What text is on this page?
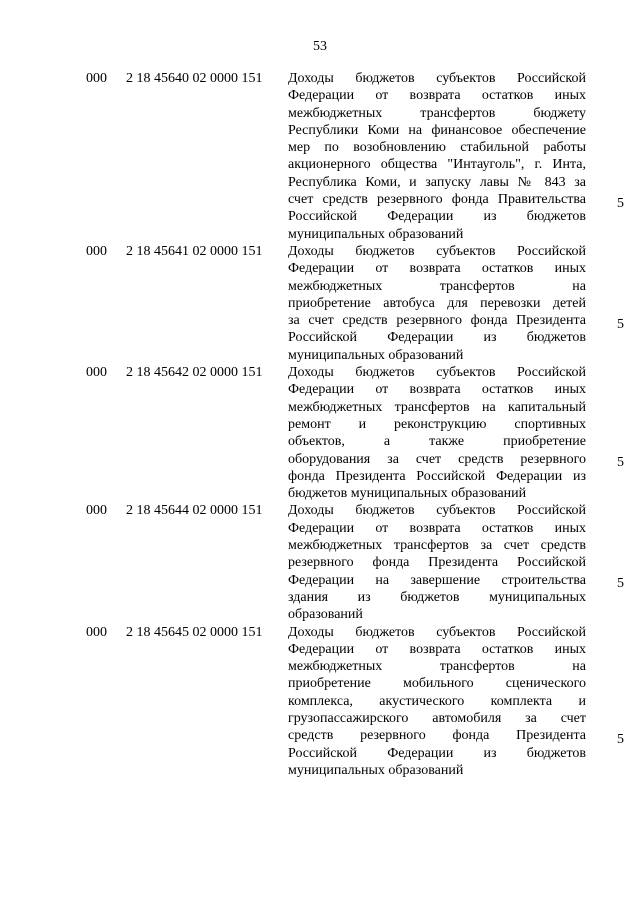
53
000	2 18 45640 02 0000 151	Доходы бюджетов субъектов Российской
Федерации от возврата остатков иных
межбюджетных трансфертов бюджету
Республики Коми на финансовое обеспечение
мер по возобновлению стабильной работы
акционерного общества "Интауголь", г. Инта,
Республика Коми, и запуску лавы № 843 за
счет средств резервного фонда Правительства
Российской Федерации из бюджетов
муниципальных образований
5
000	2 18 45641 02 0000 151	Доходы бюджетов субъектов Российской
Федерации от возврата остатков иных
межбюджетных трансфертов на
приобретение автобуса для перевозки детей
за счет средств резервного фонда Президента
Российской Федерации из бюджетов
муниципальных образований
5
000	2 18 45642 02 0000 151	Доходы бюджетов субъектов Российской
Федерации от возврата остатков иных
межбюджетных трансфертов на капитальный
ремонт и реконструкцию спортивных
объектов, а также приобретение
оборудования за счет средств резервного
фонда Президента Российской Федерации из
бюджетов муниципальных образований
5
000	2 18 45644 02 0000 151	Доходы бюджетов субъектов Российской
Федерации от возврата остатков иных
межбюджетных трансфертов за счет средств
резервного фонда Президента Российской
Федерации на завершение строительства
здания из бюджетов муниципальных
образований
5
000	2 18 45645 02 0000 151	Доходы бюджетов субъектов Российской
Федерации от возврата остатков иных
межбюджетных трансфертов на
приобретение мобильного сценического
комплекса, акустического комплекта и
грузопассажирского автомобиля за счет
средств резервного фонда Президента
Российской Федерации из бюджетов
муниципальных образований
5
